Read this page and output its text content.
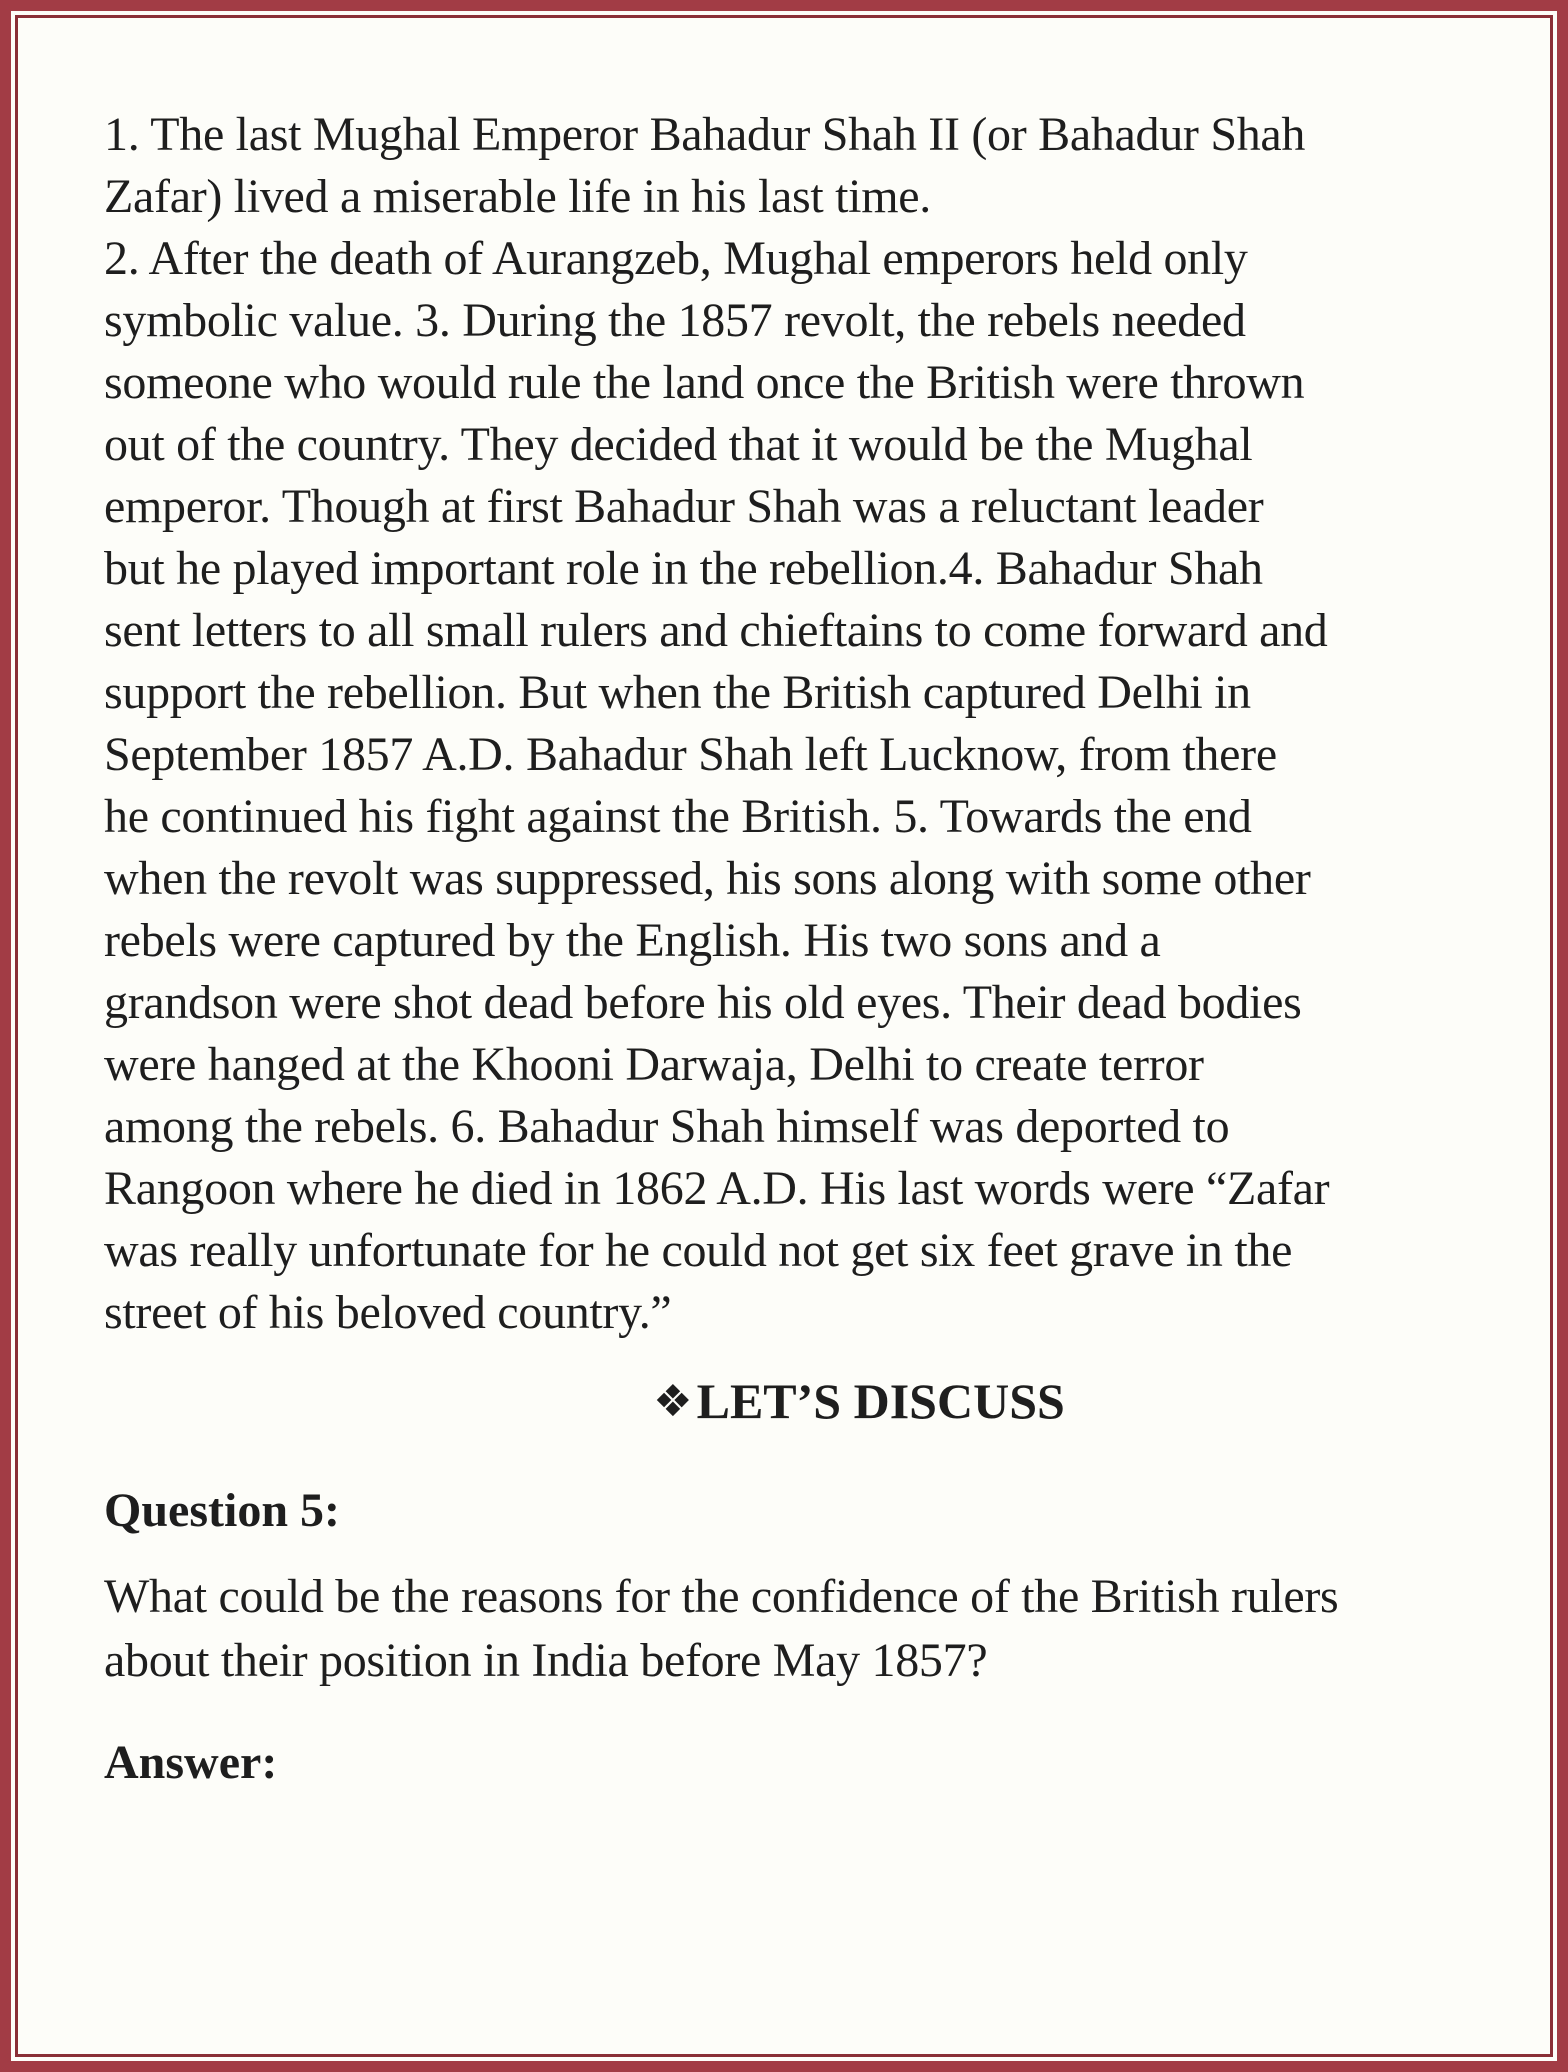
1. The last Mughal Emperor Bahadur Shah II (or Bahadur Shah
Zafar) lived a miserable life in his last time.
2. After the death of Aurangzeb, Mughal emperors held only
symbolic value. 3. During the 1857 revolt, the rebels needed
someone who would rule the land once the British were thrown
out of the country. They decided that it would be the Mughal
emperor. Though at first Bahadur Shah was a reluctant leader
but he played important role in the rebellion.4. Bahadur Shah
sent letters to all small rulers and chieftains to come forward and
support the rebellion. But when the British captured Delhi in
September 1857 A.D. Bahadur Shah left Lucknow, from there
he continued his fight against the British. 5. Towards the end
when the revolt was suppressed, his sons along with some other
rebels were captured by the English. His two sons and a
grandson were shot dead before his old eyes. Their dead bodies
were hanged at the Khooni Darwaja, Delhi to create terror
among the rebels. 6. Bahadur Shah himself was deported to
Rangoon where he died in 1862 A.D. His last words were “Zafar
was really unfortunate for he could not get six feet grave in the
street of his beloved country.”
❖LET’S DISCUSS
Question 5:
What could be the reasons for the confidence of the British rulers
about their position in India before May 1857?
Answer:
